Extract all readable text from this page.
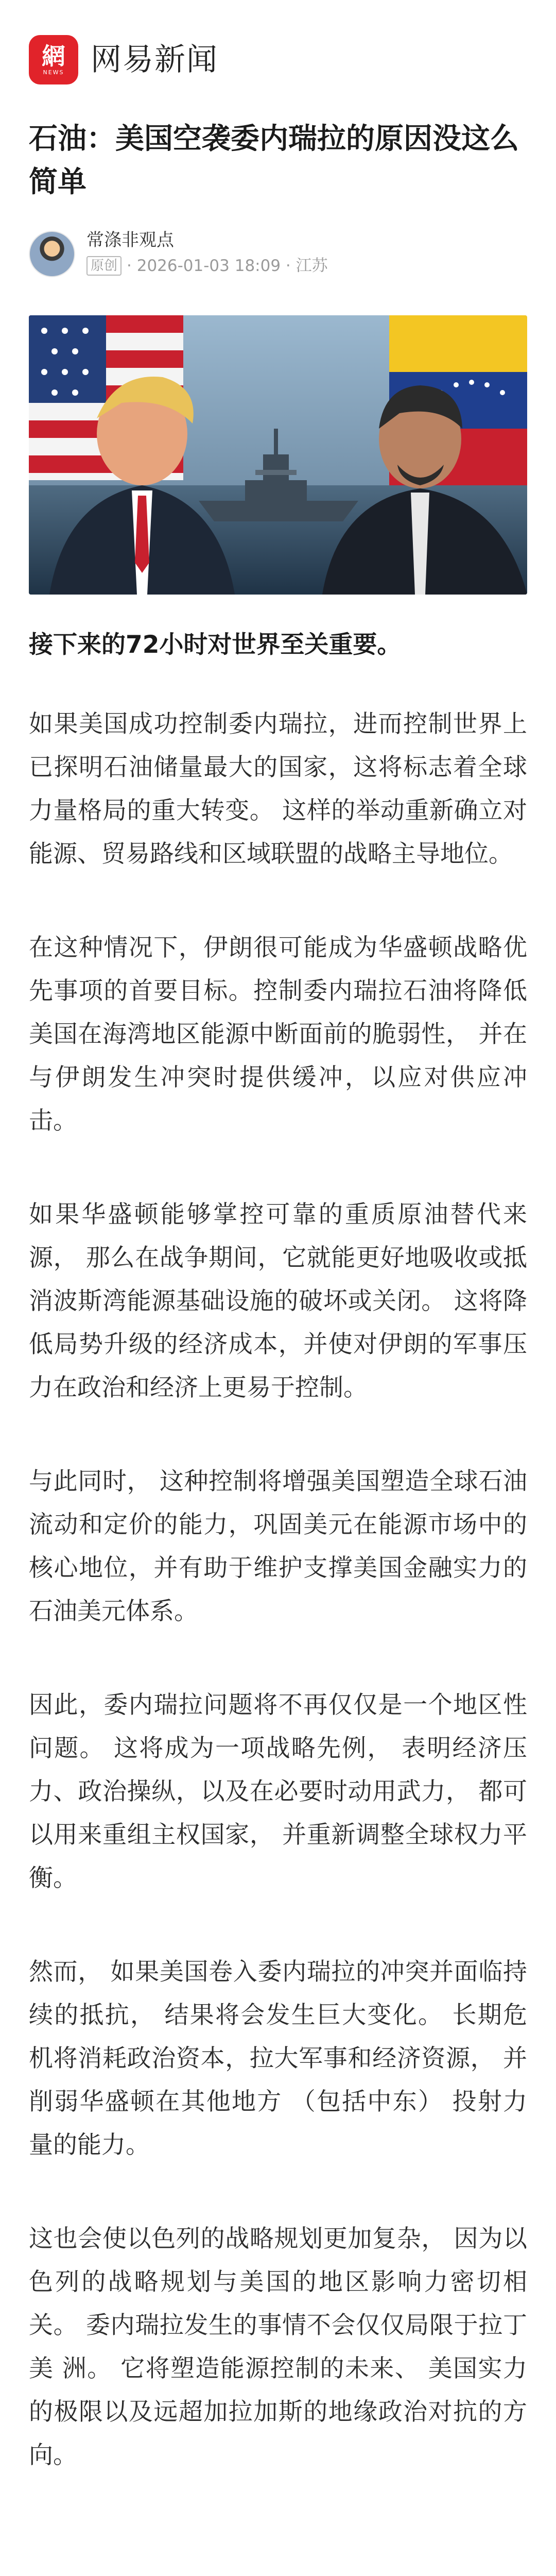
網
NEWS 网易新闻
石油：美国空袭委内瑞拉的原因没这么简单
常涤非观点
原创 · 2026-01-03 18:09 · 江苏

接下来的72小时对世界至关重要。

如果美国成功控制委内瑞拉，进而控制世界上已探明石油储量最大的国家，这将标志着全球力量格局的重大转变。 这样的举动重新确立对能源、贸易路线和区域联盟的战略主导地位。

在这种情况下，伊朗很可能成为华盛顿战略优先事项的首要目标。控制委内瑞拉石油将降低美国在海湾地区能源中断面前的脆弱性， 并在与伊朗发生冲突时提供缓冲，以应对供应冲击。

如果华盛顿能够掌控可靠的重质原油替代来源， 那么在战争期间，它就能更好地吸收或抵消波斯湾能源基础设施的破坏或关闭。 这将降低局势升级的经济成本，并使对伊朗的军事压力在政治和经济上更易于控制。

与此同时， 这种控制将增强美国塑造全球石油流动和定价的能力，巩固美元在能源市场中的 核心地位，并有助于维护支撑美国金融实力的石油美元体系。

因此，委内瑞拉问题将不再仅仅是一个地区性问题。 这将成为一项战略先例， 表明经济压力、政治操纵，以及在必要时动用武力， 都可以用来重组主权国家， 并重新调整全球权力平衡。

然而， 如果美国卷入委内瑞拉的冲突并面临持续的抵抗， 结果将会发生巨大变化。 长期危机将消耗政治资本，拉大军事和经济资源， 并削弱华盛顿在其他地方 （包括中东） 投射力量的能力。

这也会使以色列的战略规划更加复杂， 因为以 色列的战略规划与美国的地区影响力密切相关。 委内瑞拉发生的事情不会仅仅局限于拉丁美 洲。 它将塑造能源控制的未来、 美国实力的极限以及远超加拉加斯的地缘政治对抗的方向。
